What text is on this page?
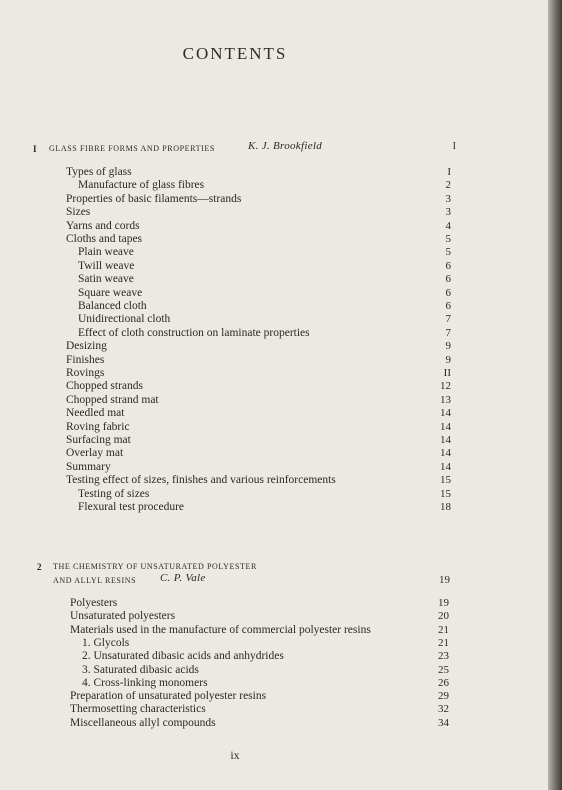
CONTENTS
I GLASS FIBRE FORMS AND PROPERTIES	K. J. Brookfield	I
Types of glass	I
Manufacture of glass fibres	2
Properties of basic filaments—strands	3
Sizes	3
Yarns and cords	4
Cloths and tapes	5
Plain weave	5
Twill weave	6
Satin weave	6
Square weave	6
Balanced cloth	6
Unidirectional cloth	7
Effect of cloth construction on laminate properties	7
Desizing	9
Finishes	9
Rovings	II
Chopped strands	12
Chopped strand mat	13
Needled mat	14
Roving fabric	14
Surfacing mat	14
Overlay mat	14
Summary	14
Testing effect of sizes, finishes and various reinforcements	15
Testing of sizes	15
Flexural test procedure	18
2 THE CHEMISTRY OF UNSATURATED POLYESTER
AND ALLYL RESINS C. P. Vale	19
Polyesters	19
Unsaturated polyesters	20
Materials used in the manufacture of commercial polyester resins	21
1. Glycols	21
2. Unsaturated dibasic acids and anhydrides	23
3. Saturated dibasic acids	25
4. Cross-linking monomers	26
Preparation of unsaturated polyester resins	29
Thermosetting characteristics	32
Miscellaneous allyl compounds	34
ix
